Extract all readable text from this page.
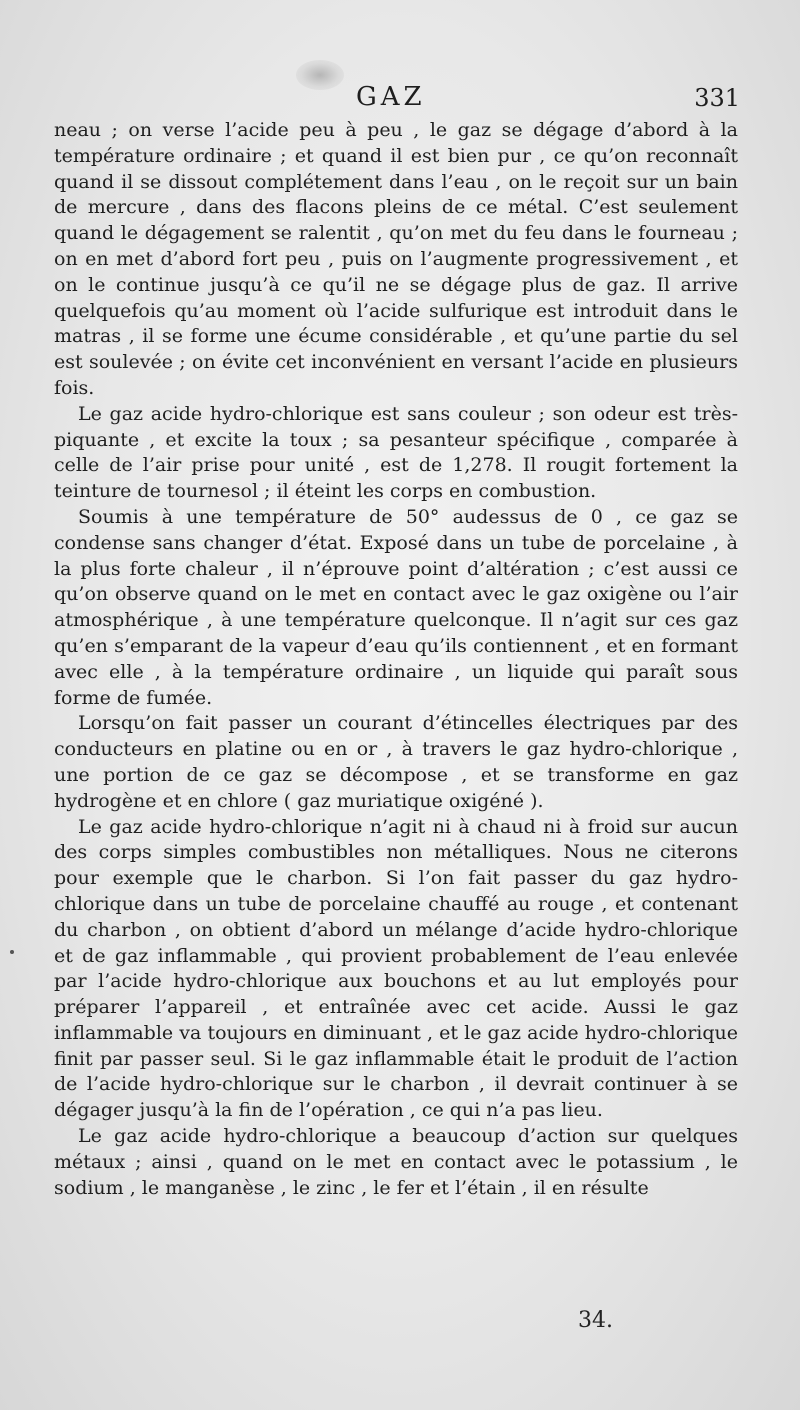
GAZ	331

neau ; on verse l’acide peu à peu , le gaz se dégage d’abord à la température ordinaire ; et quand il est bien pur , ce qu’on reconnaît quand il se dissout complétement dans l’eau , on le reçoit sur un bain de mercure , dans des flacons pleins de ce métal. C’est seulement quand le dégagement se ralentit , qu’on met du feu dans le fourneau ; on en met d’abord fort peu , puis on l’augmente progressivement , et on le continue jusqu’à ce qu’il ne se dégage plus de gaz. Il arrive quelquefois qu’au moment où l’acide sulfurique est introduit dans le matras , il se forme une écume considérable , et qu’une partie du sel est soulevée ; on évite cet inconvénient en versant l’acide en plusieurs fois.

Le gaz acide hydro-chlorique est sans couleur ; son odeur est très-piquante , et excite la toux ; sa pesanteur spécifique , comparée à celle de l’air prise pour unité , est de 1,278. Il rougit fortement la teinture de tournesol ; il éteint les corps en combustion.

Soumis à une température de 50° audessus de 0 , ce gaz se condense sans changer d’état. Exposé dans un tube de porcelaine , à la plus forte chaleur , il n’éprouve point d’altération ; c’est aussi ce qu’on observe quand on le met en contact avec le gaz oxigène ou l’air atmosphérique , à une température quelconque. Il n’agit sur ces gaz qu’en s’emparant de la vapeur d’eau qu’ils contiennent , et en formant avec elle , à la température ordinaire , un liquide qui paraît sous forme de fumée.

Lorsqu’on fait passer un courant d’étincelles électriques par des conducteurs en platine ou en or , à travers le gaz hydro-chlorique , une portion de ce gaz se décompose , et se transforme en gaz hydrogène et en chlore ( gaz muriatique oxigéné ).

Le gaz acide hydro-chlorique n’agit ni à chaud ni à froid sur aucun des corps simples combustibles non métalliques. Nous ne citerons pour exemple que le charbon. Si l’on fait passer du gaz hydro-chlorique dans un tube de porcelaine chauffé au rouge , et contenant du charbon , on obtient d’abord un mélange d’acide hydro-chlorique et de gaz inflammable , qui provient probablement de l’eau enlevée par l’acide hydro-chlorique aux bouchons et au lut employés pour préparer l’appareil , et entraînée avec cet acide. Aussi le gaz inflammable va toujours en diminuant , et le gaz acide hydro-chlorique finit par passer seul. Si le gaz inflammable était le produit de l’action de l’acide hydro-chlorique sur le charbon , il devrait continuer à se dégager jusqu’à la fin de l’opération , ce qui n’a pas lieu.

Le gaz acide hydro-chlorique a beaucoup d’action sur quelques métaux ; ainsi , quand on le met en contact avec le potassium , le sodium , le manganèse , le zinc , le fer et l’étain , il en résulte

34.
